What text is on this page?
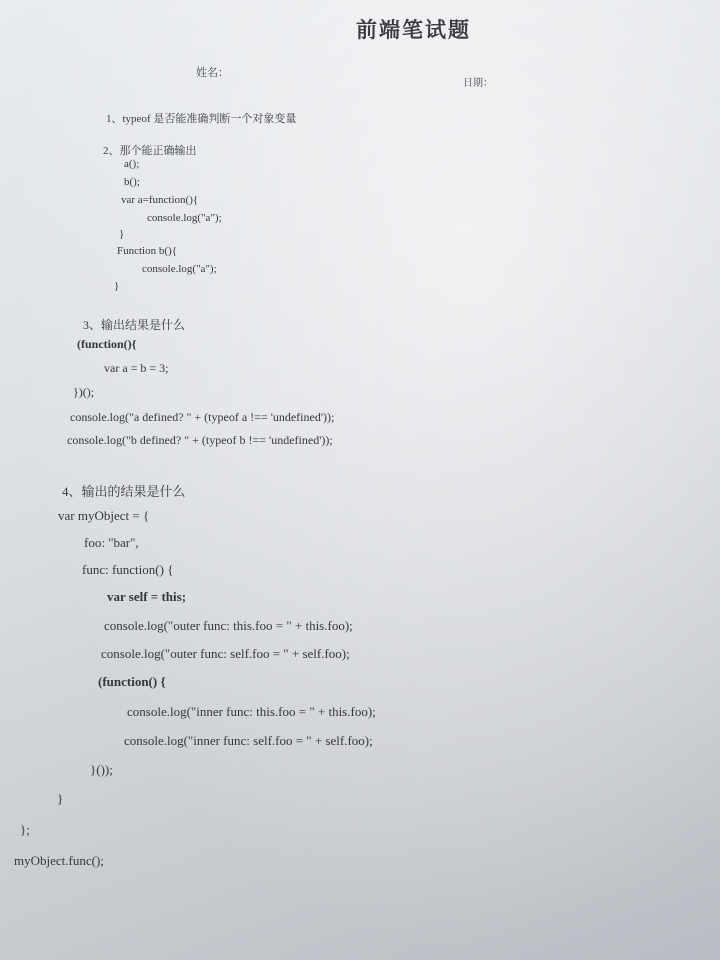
前端笔试题
姓名：
日期：
1、typeof 是否能准确判断一个对象变量
2、那个能正确输出
a();
b();
var a=function(){
console.log("a");
}
Function b(){
console.log("a");
}
3、输出结果是什么
(function(){
var a = b = 3;
})();
console.log("a defined? " + (typeof a !== 'undefined'));
console.log("b defined? " + (typeof b !== 'undefined'));
4、输出的结果是什么
var myObject = {
foo: "bar",
func: function() {
var self = this;
console.log("outer func: this.foo = " + this.foo);
console.log("outer func: self.foo = " + self.foo);
(function() {
console.log("inner func: this.foo = " + this.foo);
console.log("inner func: self.foo = " + self.foo);
}());
}
};
myObject.func();
